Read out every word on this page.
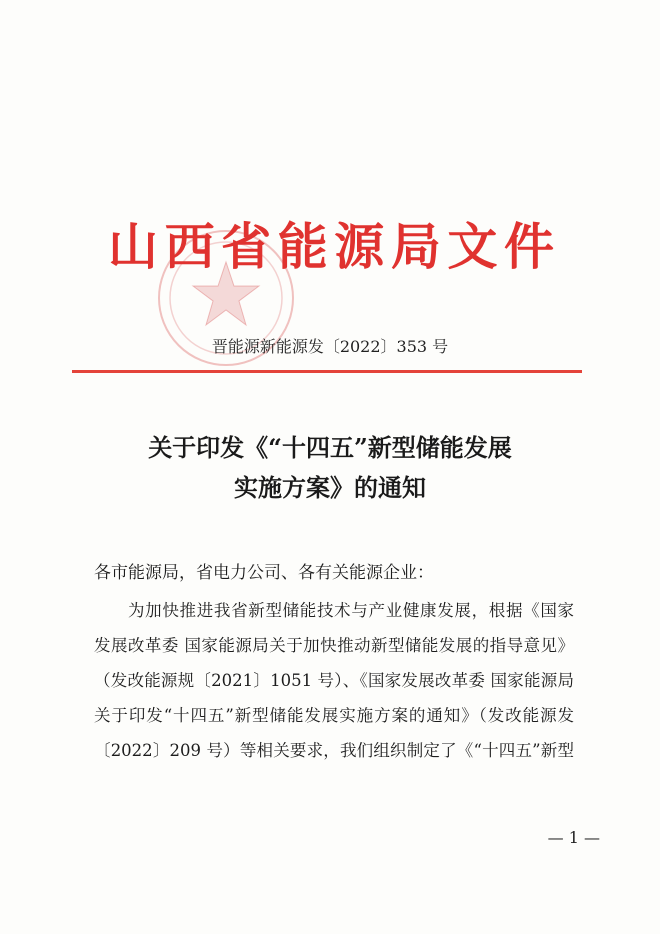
山西省能源局文件
晋能源新能源发〔2022〕353 号
关于印发《“十四五”新型储能发展
实施方案》的通知
各市能源局，省电力公司、各有关能源企业：
为加快推进我省新型储能技术与产业健康发展，根据《国家
发展改革委 国家能源局关于加快推动新型储能发展的指导意见》
（发改能源规〔2021〕1051 号）、《国家发展改革委 国家能源局
关于印发“十四五”新型储能发展实施方案的通知》（发改能源发
〔2022〕209 号）等相关要求，我们组织制定了《“十四五”新型
— 1 —
